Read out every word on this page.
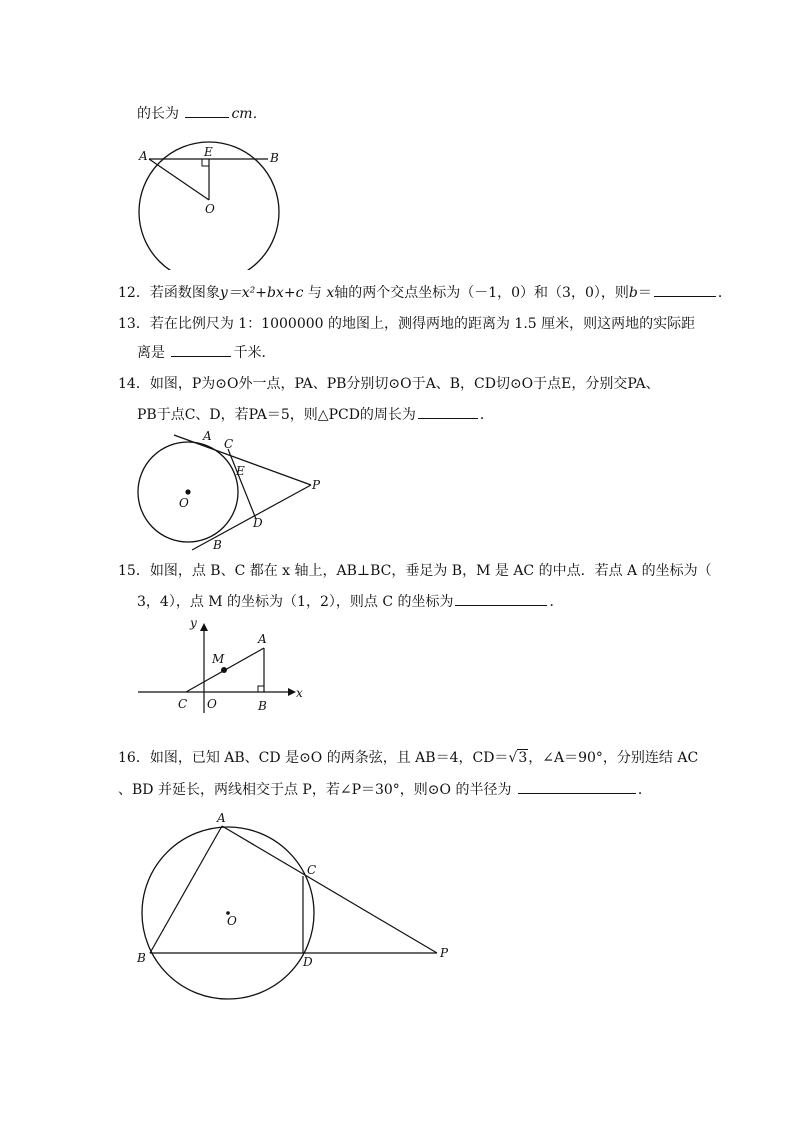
的长为	cm．
A	B
E
O
12．若函数图象y＝x²+bx+c 与 x轴的两个交点坐标为（－1，0）和（3，0），则b＝	．
13．若在比例尺为 1：1000000 的地图上，测得两地的距离为 1.5 厘米，则这两地的实际距
离是	千米．
14．如图，P为⊙O外一点，PA、PB分别切⊙O于A、B，CD切⊙O于点E，分别交PA、
PB于点C、D，若PA＝5，则△PCD的周长为	．
A
C
E
P
O
D
B
15．如图，点 B、C 都在 x 轴上，AB⊥BC，垂足为 B，M 是 AC 的中点．若点 A 的坐标为（
3，4），点 M 的坐标为（1，2），则点 C 的坐标为	．
y
x
A
M
C O	B
16．如图，已知 AB、CD 是⊙O 的两条弦，且 AB＝4，CD＝√3，∠A＝90°，分别连结 AC
、BD 并延长，两线相交于点 P，若∠P＝30°，则⊙O 的半径为	．
A
C
O
B	D
P
